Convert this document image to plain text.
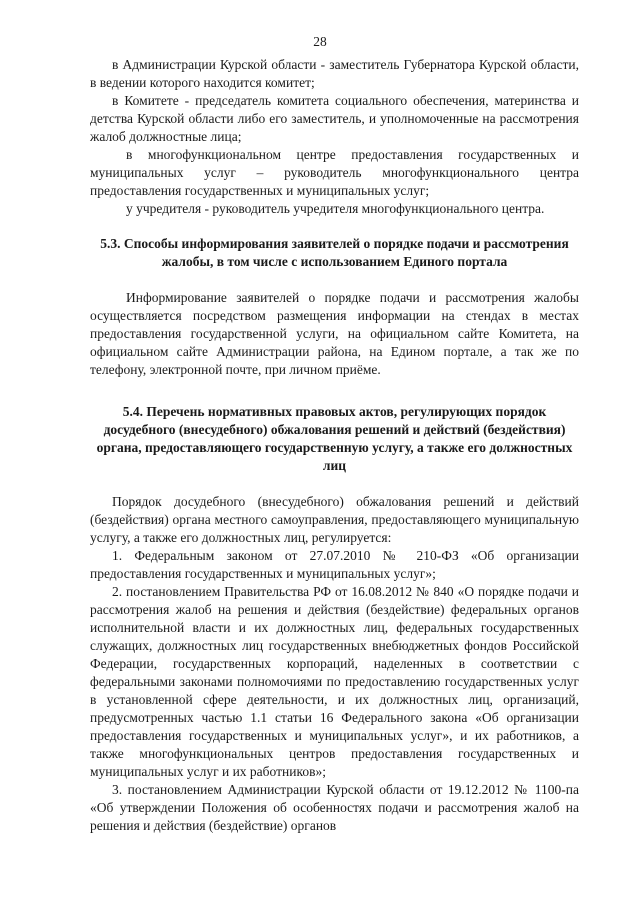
28

в Администрации Курской области - заместитель Губернатора Курской области, в ведении которого находится комитет;

в Комитете - председатель комитета социального обеспечения, материнства и детства Курской области либо его заместитель, и уполномоченные на рассмотрения жалоб должностные лица;

в многофункциональном центре предоставления государственных и муниципальных услуг – руководитель многофункционального центра предоставления государственных и муниципальных услуг;

у учредителя - руководитель учредителя многофункционального центра.

5.3. Способы информирования заявителей о порядке подачи и рассмотрения жалобы, в том числе с использованием Единого портала

Информирование заявителей о порядке подачи и рассмотрения жалобы осуществляется посредством размещения информации на стендах в местах предоставления государственной услуги, на официальном сайте Комитета, на официальном сайте Администрации района, на Едином портале, а так же по телефону, электронной почте, при личном приёме.

5.4. Перечень нормативных правовых актов, регулирующих порядок досудебного (внесудебного) обжалования решений и действий (бездействия) органа, предоставляющего государственную услугу, а также его должностных лиц

Порядок досудебного (внесудебного) обжалования решений и действий (бездействия) органа местного самоуправления, предоставляющего муниципальную услугу, а также его должностных лиц, регулируется:

1. Федеральным законом от 27.07.2010 № 210-ФЗ «Об организации предоставления государственных и муниципальных услуг»;

2. постановлением Правительства РФ от 16.08.2012 № 840 «О порядке подачи и рассмотрения жалоб на решения и действия (бездействие) федеральных органов исполнительной власти и их должностных лиц, федеральных государственных служащих, должностных лиц государственных внебюджетных фондов Российской Федерации, государственных корпораций, наделенных в соответствии с федеральными законами полномочиями по предоставлению государственных услуг в установленной сфере деятельности, и их должностных лиц, организаций, предусмотренных частью 1.1 статьи 16 Федерального закона «Об организации предоставления государственных и муниципальных услуг», и их работников, а также многофункциональных центров предоставления государственных и муниципальных услуг и их работников»;

3. постановлением Администрации Курской области от 19.12.2012 № 1100-па «Об утверждении Положения об особенностях подачи и рассмотрения жалоб на решения и действия (бездействие) органов
